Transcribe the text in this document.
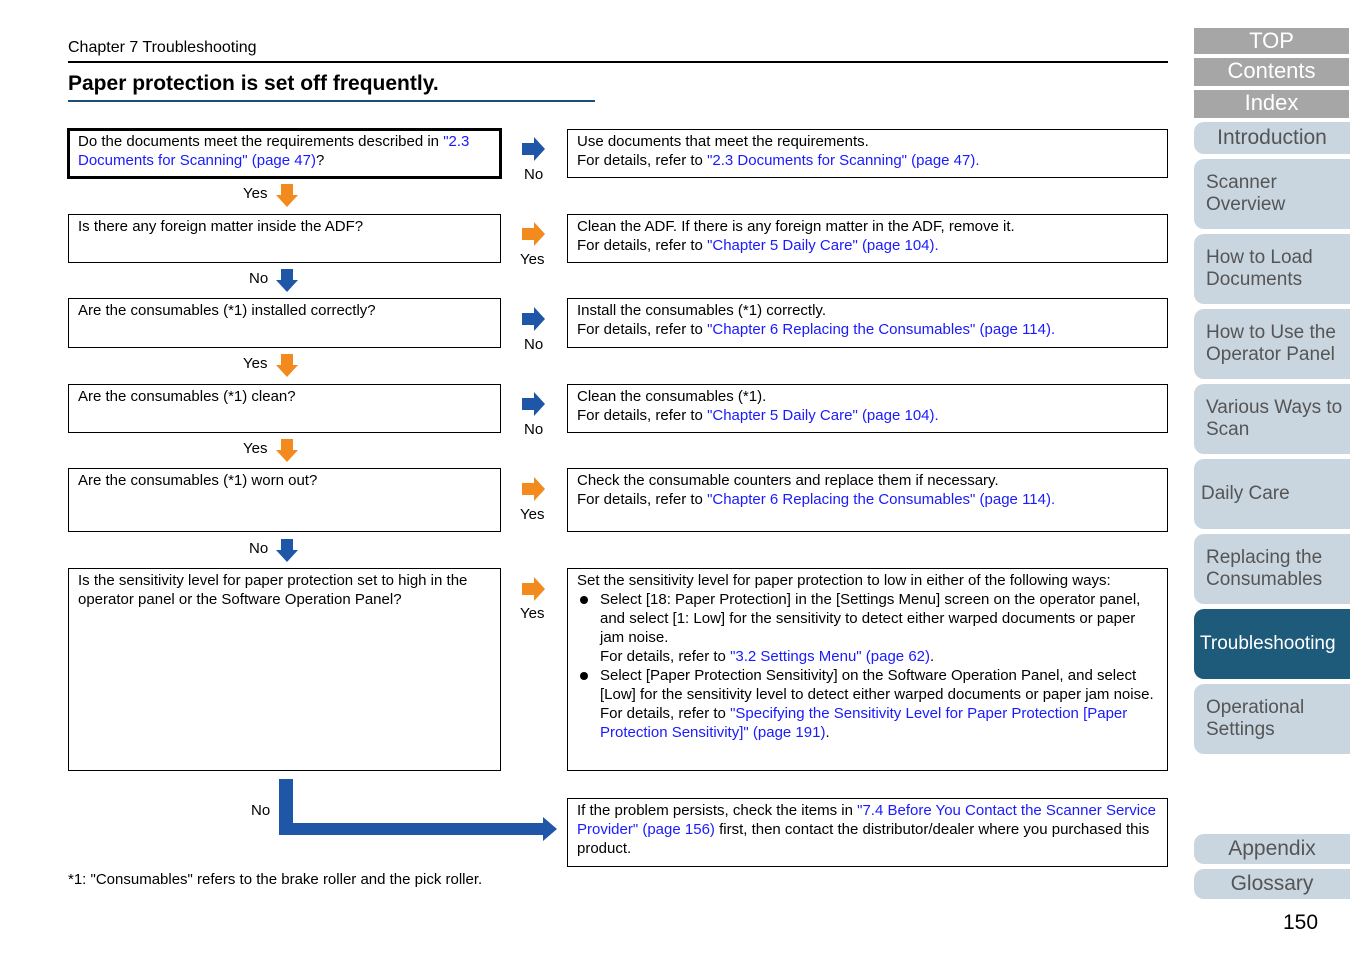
Chapter 7 Troubleshooting
Paper protection is set off frequently.
Do the documents meet the requirements described in "2.3 Documents for Scanning" (page 47)?
Is there any foreign matter inside the ADF?
Are the consumables (*1) installed correctly?
Are the consumables (*1) clean?
Are the consumables (*1) worn out?
Is the sensitivity level for paper protection set to high in the operator panel or the Software Operation Panel?
Use documents that meet the requirements.
For details, refer to "2.3 Documents for Scanning" (page 47).
Clean the ADF. If there is any foreign matter in the ADF, remove it.
For details, refer to "Chapter 5 Daily Care" (page 104).
Install the consumables (*1) correctly.
For details, refer to "Chapter 6 Replacing the Consumables" (page 114).
Clean the consumables (*1).
For details, refer to "Chapter 5 Daily Care" (page 104).
Check the consumable counters and replace them if necessary.
For details, refer to "Chapter 6 Replacing the Consumables" (page 114).
Set the sensitivity level for paper protection to low in either of the following ways:
Select [18: Paper Protection] in the [Settings Menu] screen on the operator panel, and select [1: Low] for the sensitivity to detect either warped documents or paper jam noise.
For details, refer to "3.2 Settings Menu" (page 62).
Select [Paper Protection Sensitivity] on the Software Operation Panel, and select [Low] for the sensitivity level to detect either warped documents or paper jam noise.
For details, refer to "Specifying the Sensitivity Level for Paper Protection [Paper Protection Sensitivity]" (page 191).
If the problem persists, check the items in "7.4 Before You Contact the Scanner Service Provider" (page 156) first, then contact the distributor/dealer where you purchased this product.
No
Yes
No
No
Yes
Yes
Yes
No
Yes
Yes
No
No
*1: "Consumables" refers to the brake roller and the pick roller.
TOP
Contents
Index
Introduction
Scanner Overview
How to Load Documents
How to Use the Operator Panel
Various Ways to Scan
Daily Care
Replacing the Consumables
Troubleshooting
Operational Settings
Appendix
Glossary
150
